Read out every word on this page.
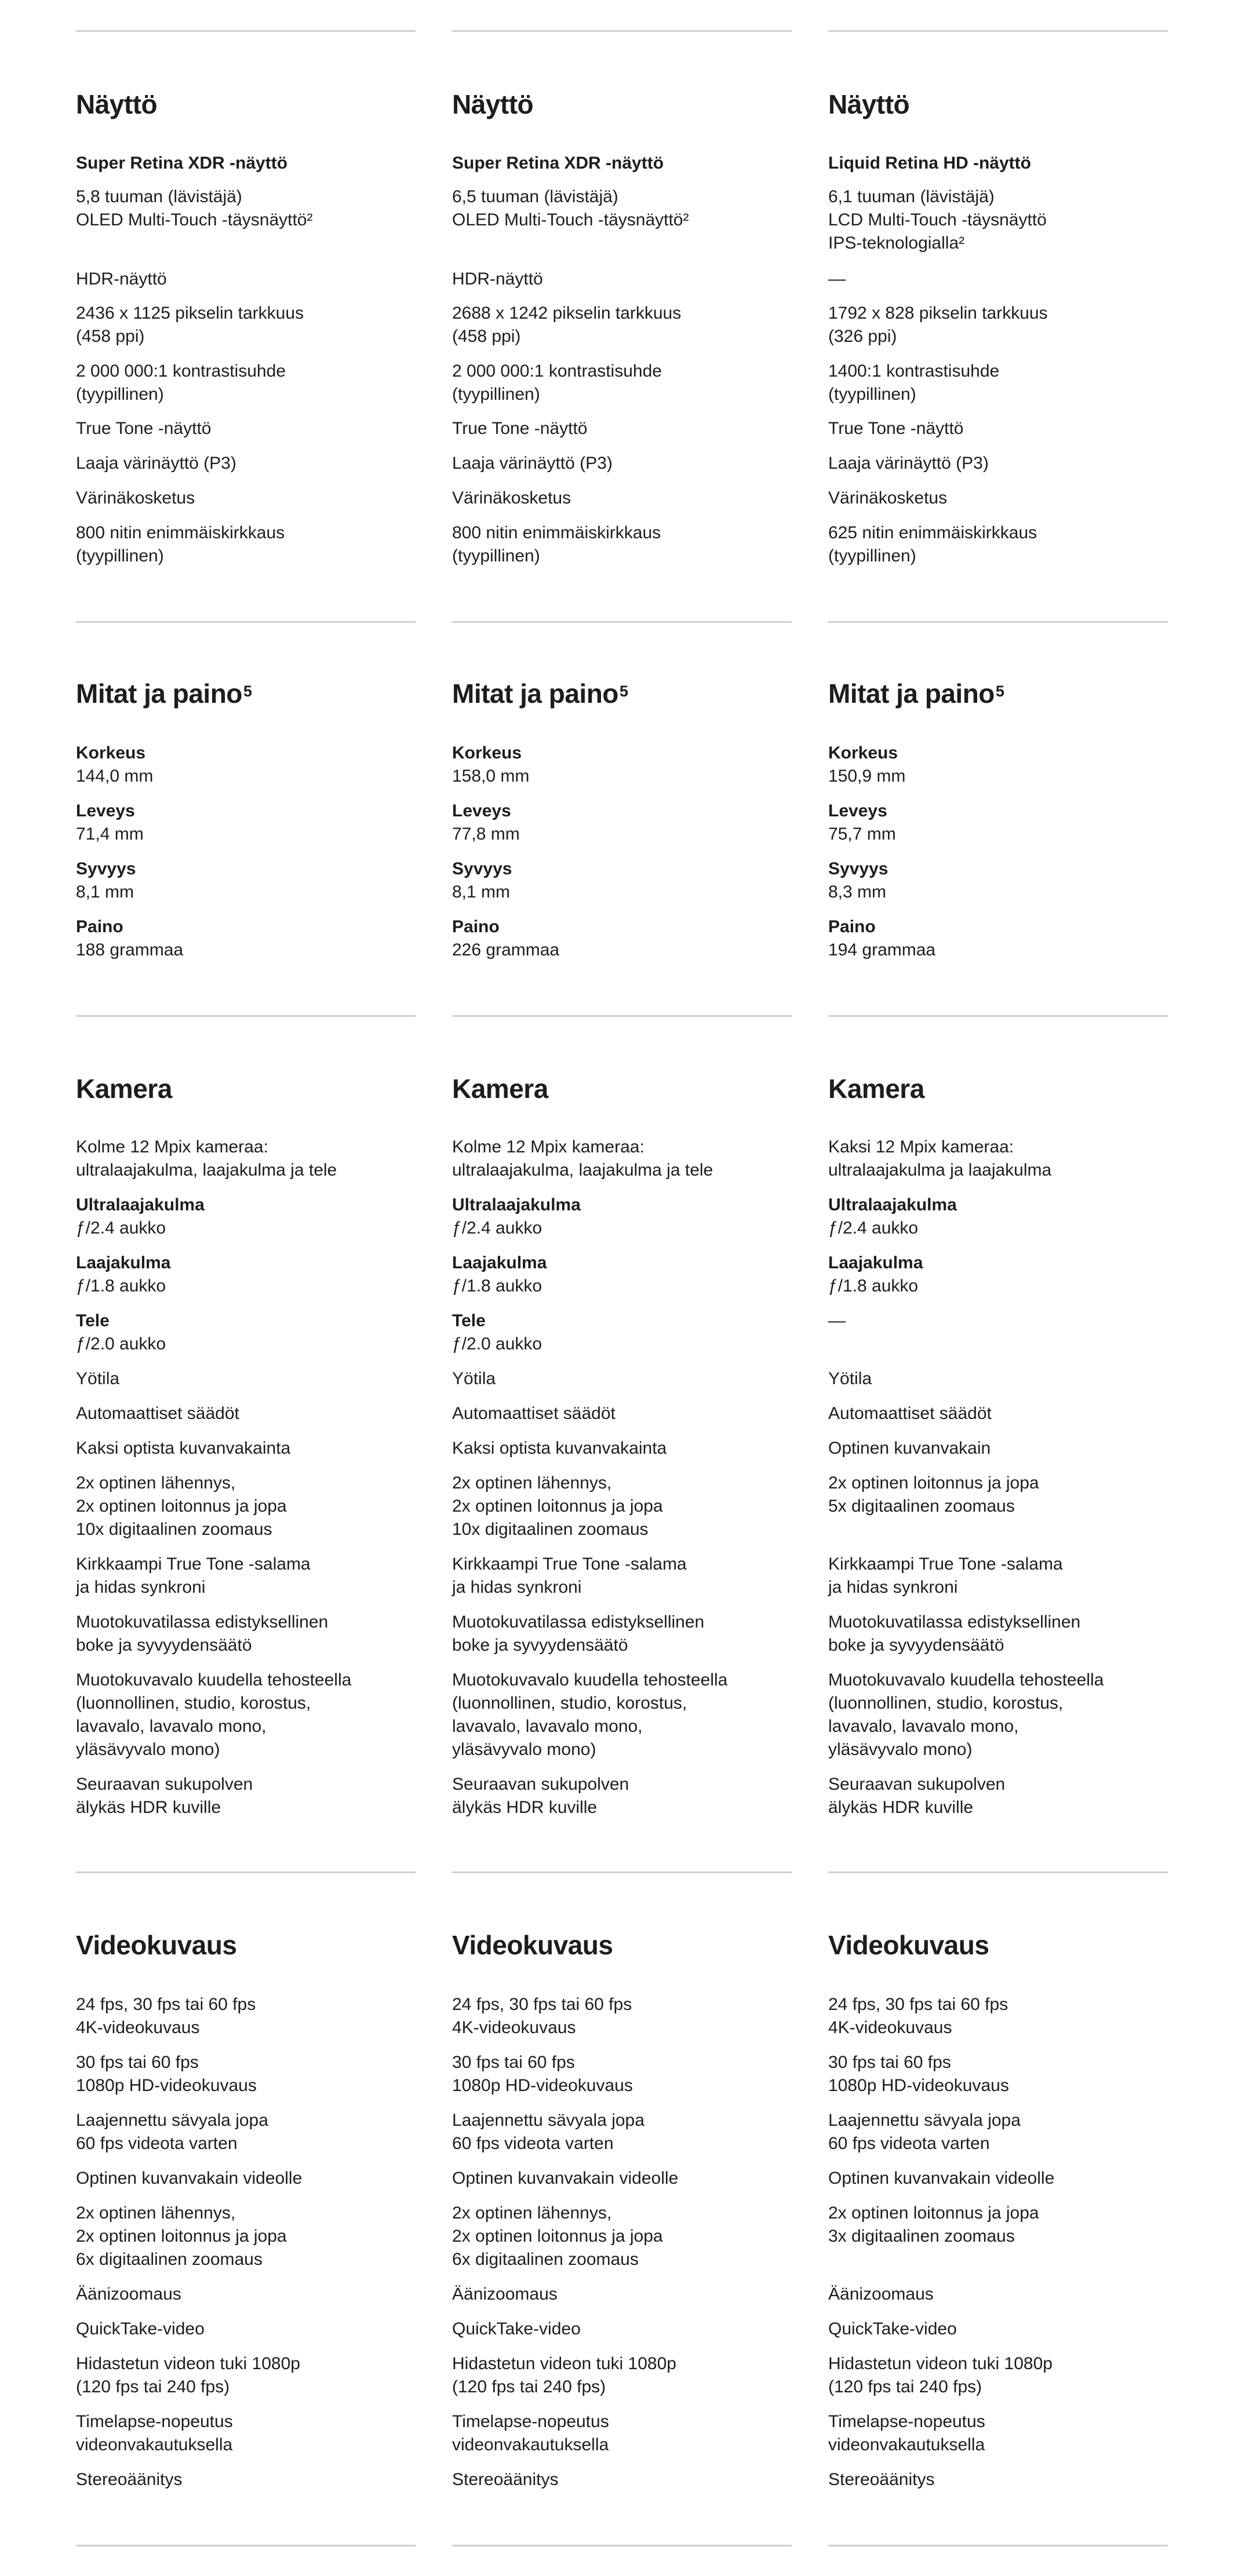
Näyttö
Super Retina XDR -näyttö
5,8 tuuman (lävistäjä)
OLED Multi-Touch -täysnäyttö²
HDR-näyttö
2436 x 1125 pikselin tarkkuus
(458 ppi)
2 000 000:1 kontrastisuhde
(tyypillinen)
True Tone -näyttö
Laaja värinäyttö (P3)
Värinäkosketus
800 nitin enimmäiskirkkaus
(tyypillinen)
Mitat ja paino$^5$
Korkeus
144,0 mm
Leveys
71,4 mm
Syvyys
8,1 mm
Paino
188 grammaa
Kamera
Kolme 12 Mpix kameraa:
ultralaajakulma, laajakulma ja tele
Ultralaajakulma
ƒ/2.4 aukko
Laajakulma
ƒ/1.8 aukko
Tele
ƒ/2.0 aukko
Yötila
Automaattiset säädöt
Kaksi optista kuvanvakainta
2x optinen lähennys,
2x optinen loitonnus ja jopa
10x digitaalinen zoomaus
Kirkkaampi True Tone -salama
ja hidas synkroni
Muotokuvatilassa edistyksellinen
boke ja syvyydensäätö
Muotokuvavalo kuudella tehosteella
(luonnollinen, studio, korostus,
lavavalo, lavavalo mono,
yläsävyvalo mono)
Seuraavan sukupolven
älykäs HDR kuville
Videokuvaus
24 fps, 30 fps tai 60 fps
4K-videokuvaus
30 fps tai 60 fps
1080p HD-videokuvaus
Laajennettu sävyala jopa
60 fps videota varten
Optinen kuvanvakain videolle
2x optinen lähennys,
2x optinen loitonnus ja jopa
6x digitaalinen zoomaus
Äänizoomaus
QuickTake-video
Hidastetun videon tuki 1080p
(120 fps tai 240 fps)
Timelapse-nopeutus
videonvakautuksella
Stereoäänitys
Näyttö
Super Retina XDR -näyttö
6,5 tuuman (lävistäjä)
OLED Multi-Touch -täysnäyttö²
HDR-näyttö
2688 x 1242 pikselin tarkkuus
(458 ppi)
2 000 000:1 kontrastisuhde
(tyypillinen)
True Tone -näyttö
Laaja värinäyttö (P3)
Värinäkosketus
800 nitin enimmäiskirkkaus
(tyypillinen)
Mitat ja paino$^5$
Korkeus
158,0 mm
Leveys
77,8 mm
Syvyys
8,1 mm
Paino
226 grammaa
Kamera
Kolme 12 Mpix kameraa:
ultralaajakulma, laajakulma ja tele
Ultralaajakulma
ƒ/2.4 aukko
Laajakulma
ƒ/1.8 aukko
Tele
ƒ/2.0 aukko
Yötila
Automaattiset säädöt
Kaksi optista kuvanvakainta
2x optinen lähennys,
2x optinen loitonnus ja jopa
10x digitaalinen zoomaus
Kirkkaampi True Tone -salama
ja hidas synkroni
Muotokuvatilassa edistyksellinen
boke ja syvyydensäätö
Muotokuvavalo kuudella tehosteella
(luonnollinen, studio, korostus,
lavavalo, lavavalo mono,
yläsävyvalo mono)
Seuraavan sukupolven
älykäs HDR kuville
Videokuvaus
24 fps, 30 fps tai 60 fps
4K-videokuvaus
30 fps tai 60 fps
1080p HD-videokuvaus
Laajennettu sävyala jopa
60 fps videota varten
Optinen kuvanvakain videolle
2x optinen lähennys,
2x optinen loitonnus ja jopa
6x digitaalinen zoomaus
Äänizoomaus
QuickTake-video
Hidastetun videon tuki 1080p
(120 fps tai 240 fps)
Timelapse-nopeutus
videonvakautuksella
Stereoäänitys
Näyttö
Liquid Retina HD -näyttö
6,1 tuuman (lävistäjä)
LCD Multi-Touch -täysnäyttö
IPS-teknologialla²
—
1792 x 828 pikselin tarkkuus
(326 ppi)
1400:1 kontrastisuhde
(tyypillinen)
True Tone -näyttö
Laaja värinäyttö (P3)
Värinäkosketus
625 nitin enimmäiskirkkaus
(tyypillinen)
Mitat ja paino$^5$
Korkeus
150,9 mm
Leveys
75,7 mm
Syvyys
8,3 mm
Paino
194 grammaa
Kamera
Kaksi 12 Mpix kameraa:
ultralaajakulma ja laajakulma
Ultralaajakulma
ƒ/2.4 aukko
Laajakulma
ƒ/1.8 aukko
—
Yötila
Automaattiset säädöt
Optinen kuvanvakain
2x optinen loitonnus ja jopa
5x digitaalinen zoomaus
Kirkkaampi True Tone -salama
ja hidas synkroni
Muotokuvatilassa edistyksellinen
boke ja syvyydensäätö
Muotokuvavalo kuudella tehosteella
(luonnollinen, studio, korostus,
lavavalo, lavavalo mono,
yläsävyvalo mono)
Seuraavan sukupolven
älykäs HDR kuville
Videokuvaus
24 fps, 30 fps tai 60 fps
4K-videokuvaus
30 fps tai 60 fps
1080p HD-videokuvaus
Laajennettu sävyala jopa
60 fps videota varten
Optinen kuvanvakain videolle
2x optinen loitonnus ja jopa
3x digitaalinen zoomaus
Äänizoomaus
QuickTake-video
Hidastetun videon tuki 1080p
(120 fps tai 240 fps)
Timelapse-nopeutus
videonvakautuksella
Stereoäänitys
